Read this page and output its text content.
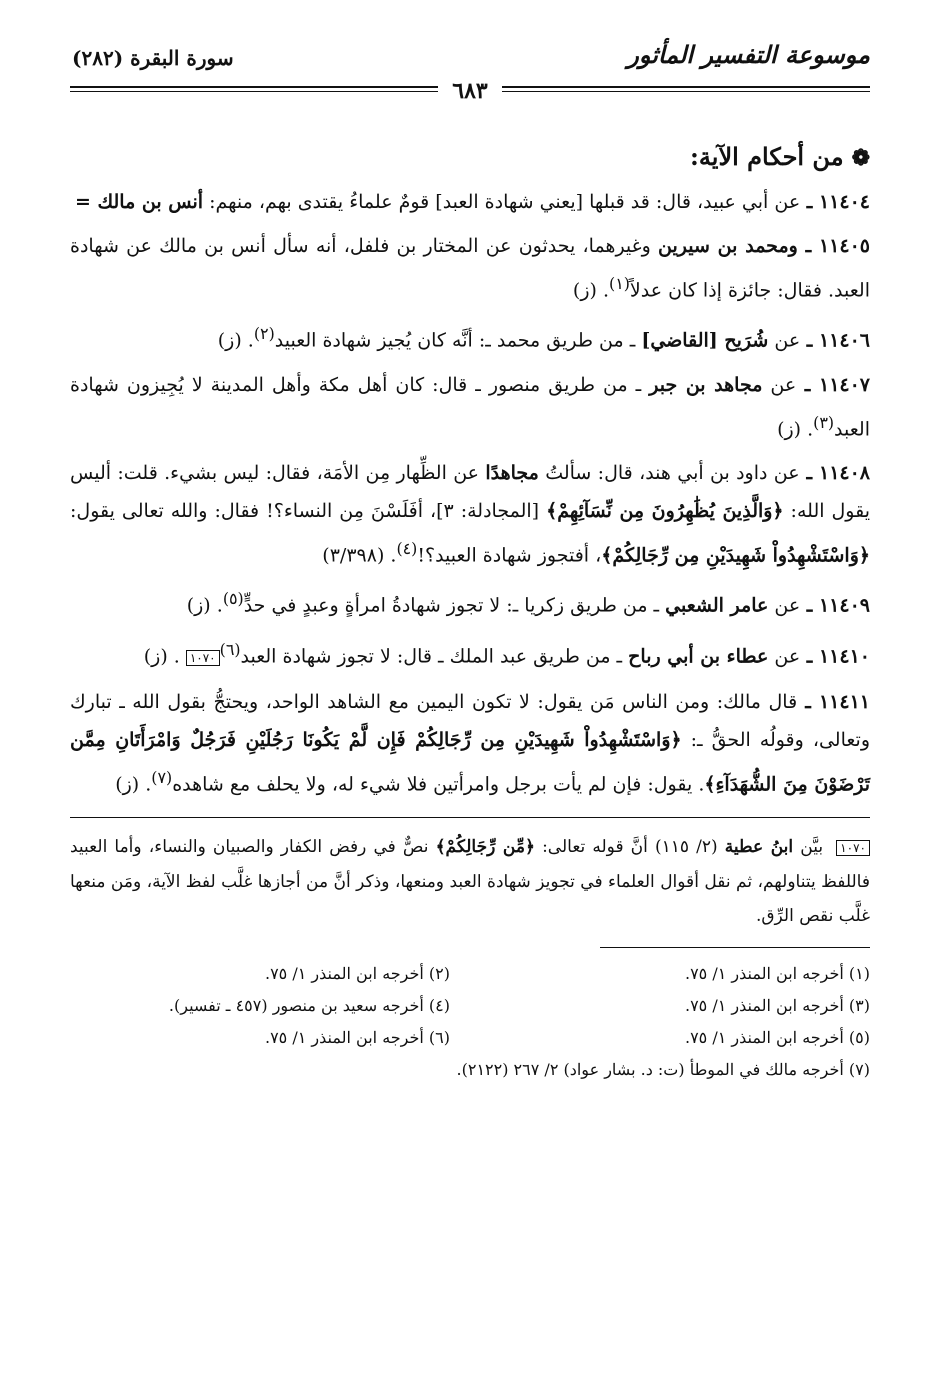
موسوعة التفسير المأثور
سورة البقرة (٢٨٢)
٦٨٣
❁من أحكام الآية:
١١٤٠٤ ـ عن أبي عبيد، قال: قد قبلها [يعني شهادة العبد] قومٌ علماءُ يقتدى بهم، منهم: أنس بن مالك =
١١٤٠٥ ـ ومحمد بن سيرين وغيرهما، يحدثون عن المختار بن فلفل، أنه سأل أنس بن مالك عن شهادة العبد. فقال: جائزة إذا كان عدلاً$^{(١)}$. (ز)
١١٤٠٦ ـ عن شُرَيح [القاضي] ـ من طريق محمد ـ: أنَّه كان يُجيز شهادة العبيد$^{(٢)}$. (ز)
١١٤٠٧ ـ عن مجاهد بن جبر ـ من طريق منصور ـ قال: كان أهل مكة وأهل المدينة لا يُجِيزون شهادة العبد$^{(٣)}$. (ز)
١١٤٠٨ ـ عن داود بن أبي هند، قال: سألتُ مجاهدًا عن الظِّهار مِن الأمَة، فقال: ليس بشيء. قلت: أليس يقول الله: ﴿وَالَّذِينَ يُظَٰهِرُونَ مِن نِّسَآئِهِمْ﴾ [المجادلة: ٣]، أفَلَسْنَ مِن النساء؟! فقال: والله تعالى يقول: ﴿وَاسْتَشْهِدُواْ شَهِيدَيْنِ مِن رِّجَالِكُمْ﴾، أفتجوز شهادة العبيد؟!$^{(٤)}$. (٣/٣٩٨)
١١٤٠٩ ـ عن عامر الشعبي ـ من طريق زكريا ـ: لا تجوز شهادةُ امرأةٍ وعبدٍ في حدٍّ$^{(٥)}$. (ز)
١١٤١٠ ـ عن عطاء بن أبي رباح ـ من طريق عبد الملك ـ قال: لا تجوز شهادة العبد$^{(٦)}$١٠٧٠. (ز)
١١٤١١ ـ قال مالك: ومن الناس مَن يقول: لا تكون اليمين مع الشاهد الواحد، ويحتجُّ بقول الله ـ تبارك وتعالى، وقولُه الحقُّ ـ: ﴿وَاسْتَشْهِدُواْ شَهِيدَيْنِ مِن رِّجَالِكُمْ فَإِن لَّمْ يَكُونَا رَجُلَيْنِ فَرَجُلٌ وَامْرَأَتَانِ مِمَّن تَرْضَوْنَ مِنَ الشُّهَدَآءِ﴾. يقول: فإن لم يأت برجل وامرأتين فلا شيء له، ولا يحلف مع شاهده$^{(٧)}$. (ز)
١٠٧٠ بيَّن ابنُ عطية (٢/ ١١٥) أنَّ قوله تعالى: ﴿مِّن رِّجَالِكُمْ﴾ نصٌّ في رفض الكفار والصبيان والنساء، وأما العبيد فاللفظ يتناولهم، ثم نقل أقوال العلماء في تجويز شهادة العبد ومنعها، وذكر أنَّ من أجازها غلَّب لفظ الآية، ومَن منعها غلَّب نقص الرِّق.
(١) أخرجه ابن المنذر ١/ ٧٥.
(٢) أخرجه ابن المنذر ١/ ٧٥.
(٣) أخرجه ابن المنذر ١/ ٧٥.
(٤) أخرجه سعيد بن منصور (٤٥٧ ـ تفسير).
(٥) أخرجه ابن المنذر ١/ ٧٥.
(٦) أخرجه ابن المنذر ١/ ٧٥.
(٧) أخرجه مالك في الموطأ (ت: د. بشار عواد) ٢/ ٢٦٧ (٢١٢٢).
